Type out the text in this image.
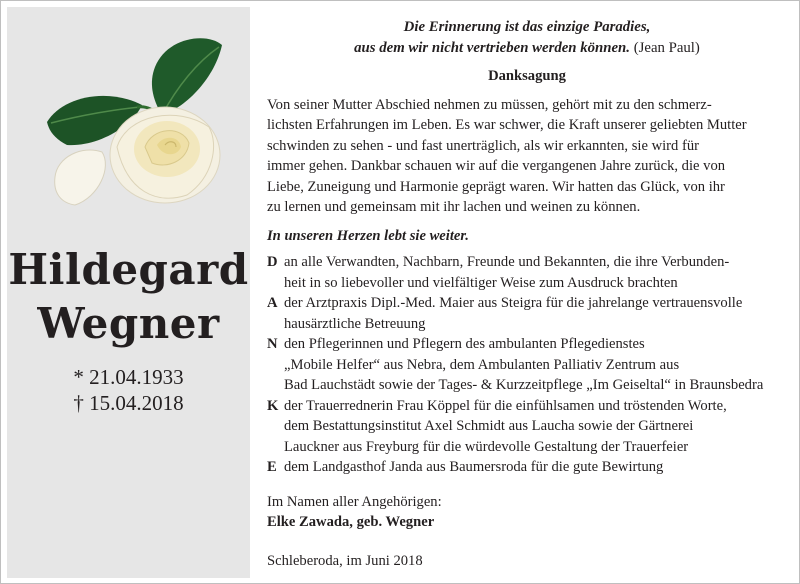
Hildegard
Wegner
* 21.04.1933
† 15.04.2018
Die Erinnerung ist das einzige Paradies,
aus dem wir nicht vertrieben werden können. (Jean Paul)
Danksagung
Von seiner Mutter Abschied nehmen zu müssen, gehört mit zu den schmerz-
lichsten Erfahrungen im Leben. Es war schwer, die Kraft unserer geliebten Mutter
schwinden zu sehen - und fast unerträglich, als wir erkannten, sie wird für
immer gehen. Dankbar schauen wir auf die vergangenen Jahre zurück, die von
Liebe, Zuneigung und Harmonie geprägt waren. Wir hatten das Glück, von ihr
zu lernen und gemeinsam mit ihr lachen und weinen zu können.
In unseren Herzen lebt sie weiter.
D an alle Verwandten, Nachbarn, Freunde und Bekannten, die ihre Verbunden-
heit in so liebevoller und vielfältiger Weise zum Ausdruck brachten
A der Arztpraxis Dipl.-Med. Maier aus Steigra für die jahrelange vertrauensvolle
hausärztliche Betreuung
N den Pflegerinnen und Pflegern des ambulanten Pflegedienstes
„Mobile Helfer“ aus Nebra, dem Ambulanten Palliativ Zentrum aus
Bad Lauchstädt sowie der Tages- & Kurzzeitpflege „Im Geiseltal“ in Braunsbedra
K der Trauerrednerin Frau Köppel für die einfühlsamen und tröstenden Worte,
dem Bestattungsinstitut Axel Schmidt aus Laucha sowie der Gärtnerei
Lauckner aus Freyburg für die würdevolle Gestaltung der Trauerfeier
E dem Landgasthof Janda aus Baumersroda für die gute Bewirtung
Im Namen aller Angehörigen:
Elke Zawada, geb. Wegner
Schleberoda, im Juni 2018
